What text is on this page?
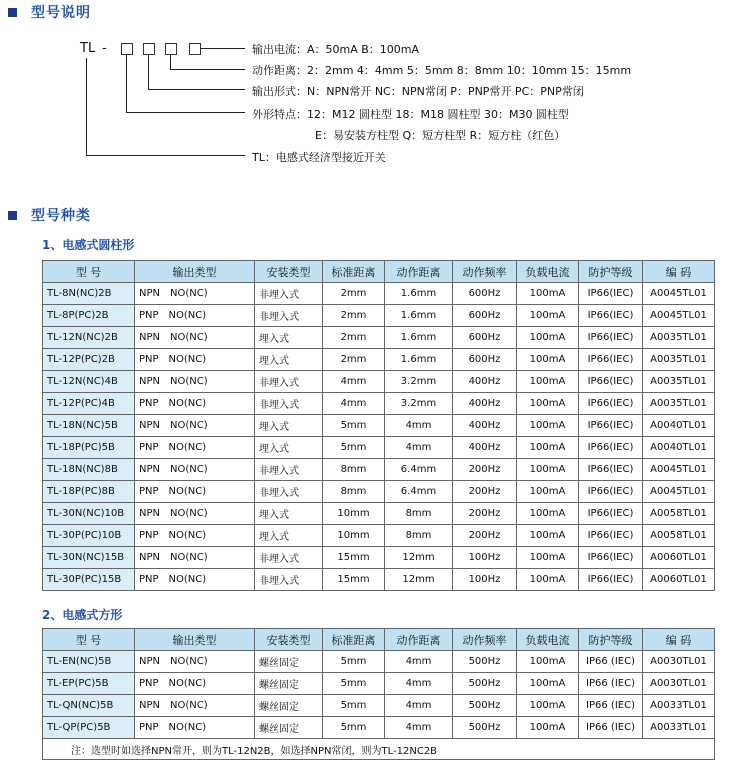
型号说明
TL -	输出电流：A：50mA B：100mA
动作距离：2：2mm 4：4mm 5：5mm 8：8mm 10：10mm 15：15mm
输出形式：N：NPN常开 NC：NPN常闭 P：PNP常开 PC：PNP常闭
外形特点：12：M12 圆柱型 18：M18 圆柱型 30：M30 圆柱型
E：易安装方柱型 Q：短方柱型 R：短方柱（红色）
TL：电感式经济型接近开关
型号种类
1、电感式圆柱形
型 号	输出类型	安装类型	标准距离	动作距离	动作频率	负载电流	防护等级	编 码
TL-8N(NC)2B	NPN NO(NC)	非埋入式	2mm	1.6mm	600Hz	100mA	IP66(IEC)	A0045TL01
TL-8P(PC)2B	PNP NO(NC)	非埋入式	2mm	1.6mm	600Hz	100mA	IP66(IEC)	A0045TL01
TL-12N(NC)2B	NPN NO(NC)	埋入式	2mm	1.6mm	600Hz	100mA	IP66(IEC)	A0035TL01
TL-12P(PC)2B	PNP NO(NC)	埋入式	2mm	1.6mm	600Hz	100mA	IP66(IEC)	A0035TL01
TL-12N(NC)4B	NPN NO(NC)	非埋入式	4mm	3.2mm	400Hz	100mA	IP66(IEC)	A0035TL01
TL-12P(PC)4B	PNP NO(NC)	非埋入式	4mm	3.2mm	400Hz	100mA	IP66(IEC)	A0035TL01
TL-18N(NC)5B	NPN NO(NC)	埋入式	5mm	4mm	400Hz	100mA	IP66(IEC)	A0040TL01
TL-18P(PC)5B	PNP NO(NC)	埋入式	5mm	4mm	400Hz	100mA	IP66(IEC)	A0040TL01
TL-18N(NC)8B	NPN NO(NC)	非埋入式	8mm	6.4mm	200Hz	100mA	IP66(IEC)	A0045TL01
TL-18P(PC)8B	PNP NO(NC)	非埋入式	8mm	6.4mm	200Hz	100mA	IP66(IEC)	A0045TL01
TL-30N(NC)10B	NPN NO(NC)	埋入式	10mm	8mm	200Hz	100mA	IP66(IEC)	A0058TL01
TL-30P(PC)10B	PNP NO(NC)	埋入式	10mm	8mm	200Hz	100mA	IP66(IEC)	A0058TL01
TL-30N(NC)15B	NPN NO(NC)	非埋入式	15mm	12mm	100Hz	100mA	IP66(IEC)	A0060TL01
TL-30P(PC)15B	PNP NO(NC)	非埋入式	15mm	12mm	100Hz	100mA	IP66(IEC)	A0060TL01
2、电感式方形
型 号	输出类型	安装类型	标准距离	动作距离	动作频率	负载电流	防护等级	编 码
TL-EN(NC)5B	NPN NO(NC)	螺丝固定	5mm	4mm	500Hz	100mA	IP66 (IEC)	A0030TL01
TL-EP(PC)5B	PNP NO(NC)	螺丝固定	5mm	4mm	500Hz	100mA	IP66 (IEC)	A0030TL01
TL-QN(NC)5B	NPN NO(NC)	螺丝固定	5mm	4mm	500Hz	100mA	IP66 (IEC)	A0033TL01
TL-QP(PC)5B	PNP NO(NC)	螺丝固定	5mm	4mm	500Hz	100mA	IP66 (IEC)	A0033TL01
注：选型时如选择NPN常开，则为TL-12N2B，如选择NPN常闭，则为TL-12NC2B								
